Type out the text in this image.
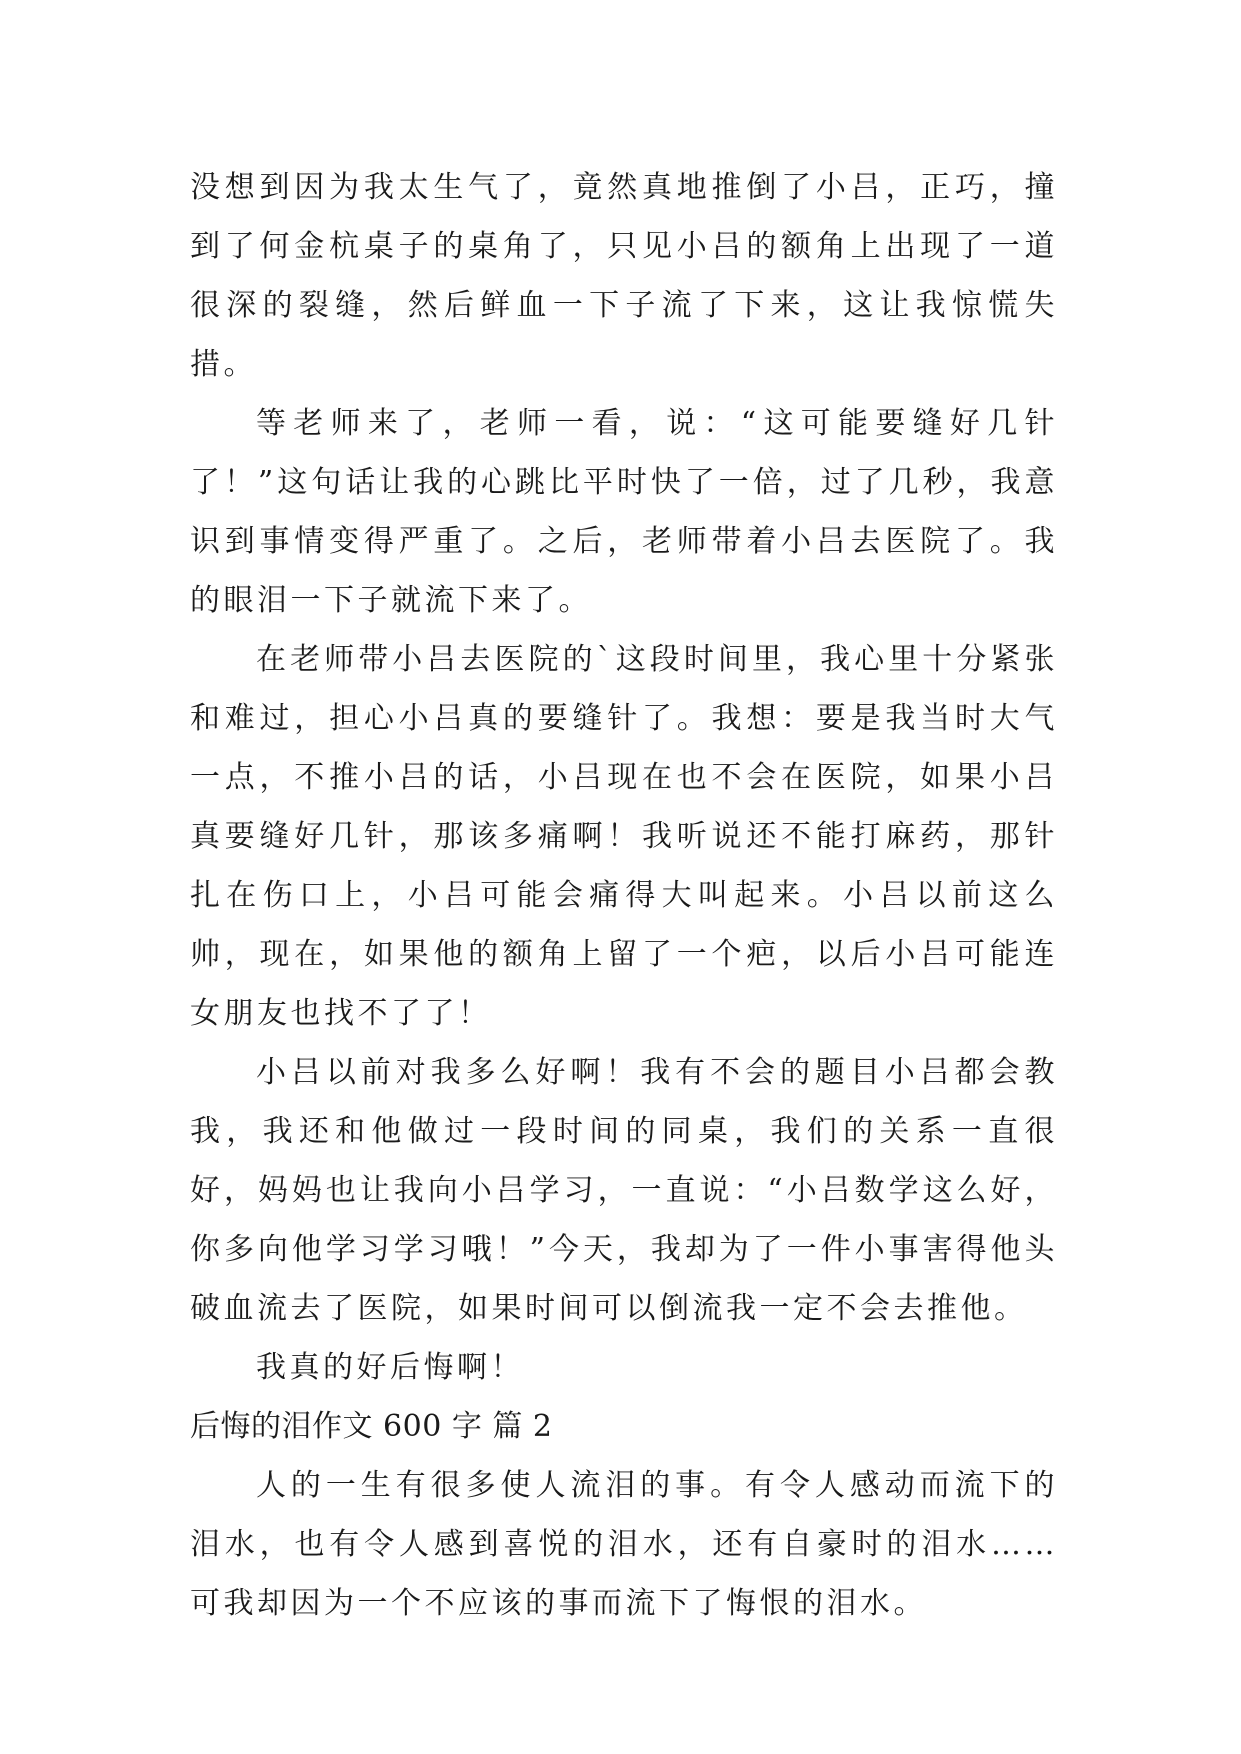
没想到因为我太生气了，竟然真地推倒了小吕，正巧，撞到了何金杭桌子的桌角了，只见小吕的额角上出现了一道很深的裂缝，然后鲜血一下子流了下来，这让我惊慌失措。

等老师来了，老师一看，说：“这可能要缝好几针了！”这句话让我的心跳比平时快了一倍，过了几秒，我意识到事情变得严重了。之后，老师带着小吕去医院了。我的眼泪一下子就流下来了。

在老师带小吕去医院的`这段时间里，我心里十分紧张和难过，担心小吕真的要缝针了。我想：要是我当时大气一点，不推小吕的话，小吕现在也不会在医院，如果小吕真要缝好几针，那该多痛啊！我听说还不能打麻药，那针扎在伤口上，小吕可能会痛得大叫起来。小吕以前这么帅，现在，如果他的额角上留了一个疤，以后小吕可能连女朋友也找不了了！

小吕以前对我多么好啊！我有不会的题目小吕都会教我，我还和他做过一段时间的同桌，我们的关系一直很好，妈妈也让我向小吕学习，一直说：“小吕数学这么好，你多向他学习学习哦！”今天，我却为了一件小事害得他头破血流去了医院，如果时间可以倒流我一定不会去推他。

我真的好后悔啊！

后悔的泪作文 600 字 篇 2

人的一生有很多使人流泪的事。有令人感动而流下的泪水，也有令人感到喜悦的泪水，还有自豪时的泪水……可我却因为一个不应该的事而流下了悔恨的泪水。
